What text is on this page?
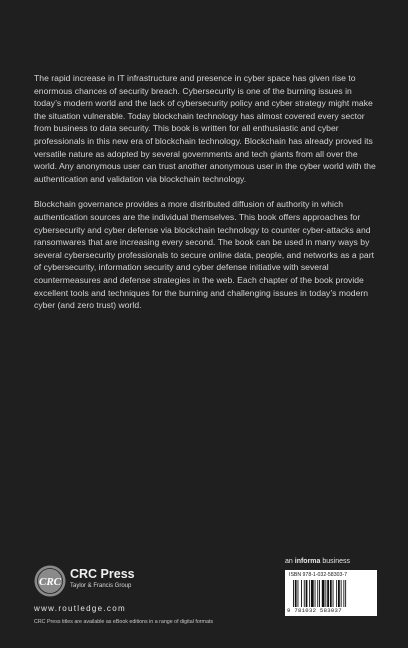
The rapid increase in IT infrastructure and presence in cyber space has given rise to enormous chances of security breach. Cybersecurity is one of the burning issues in today’s modern world and the lack of cybersecurity policy and cyber strategy might make the situation vulnerable. Today blockchain technology has almost covered every sector from business to data security. This book is written for all enthusiastic and cyber professionals in this new era of blockchain technology. Blockchain has already proved its versatile nature as adopted by several governments and tech giants from all over the world. Any anonymous user can trust another anonymous user in the cyber world with the authentication and validation via blockchain technology.

Blockchain governance provides a more distributed diffusion of authority in which authentication sources are the individual themselves. This book offers approaches for cybersecurity and cyber defense via blockchain technology to counter cyber-attacks and ransomwares that are increasing every second. The book can be used in many ways by several cybersecurity professionals to secure online data, people, and networks as a part of cybersecurity, information security and cyber defense initiative with several countermeasures and defense strategies in the web. Each chapter of the book provide excellent tools and techniques for the burning and challenging issues in today’s modern cyber (and zero trust) world.

CRC
CRC Press
Taylor & Francis Group
www.routledge.com
CRC Press titles are available as eBook editions in a range of digital formats
an informa business
ISBN 978-1-032-58303-7
9 781032 583037
